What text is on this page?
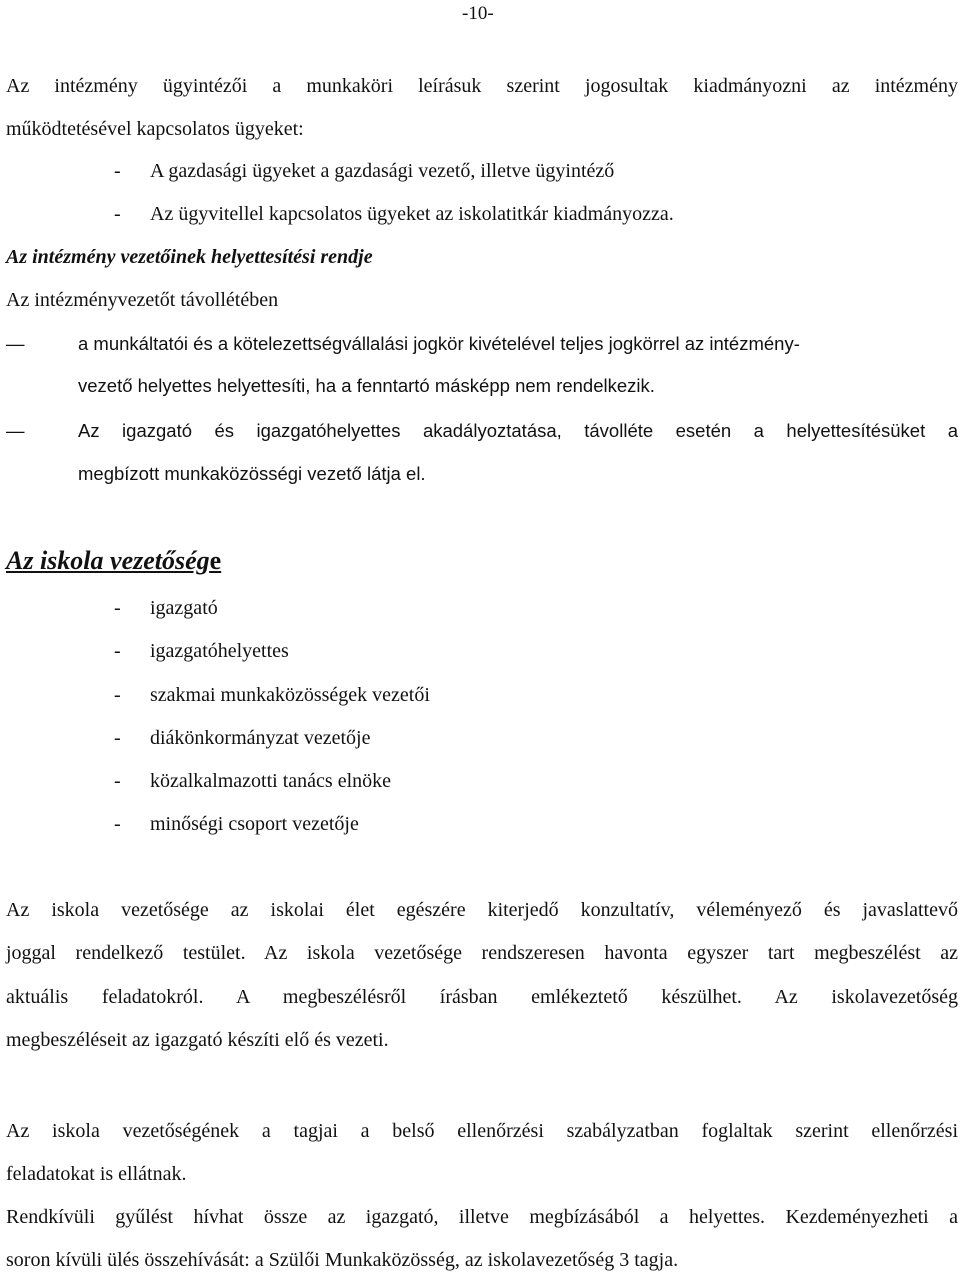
-10-
Az intézmény ügyintézői a munkaköri leírásuk szerint jogosultak kiadmányozni az intézmény
működtetésével kapcsolatos ügyeket:
- A gazdasági ügyeket a gazdasági vezető, illetve ügyintéző
- Az ügyvitellel kapcsolatos ügyeket az iskolatitkár kiadmányozza.
Az intézmény vezetőinek helyettesítési rendje
Az intézményvezetőt távollétében
—	a munkáltatói és a kötelezettségvállalási jogkör kivételével teljes jogkörrel az intézmény-
vezető helyettes helyettesíti, ha a fenntartó másképp nem rendelkezik.
—	Az igazgató és igazgatóhelyettes akadályoztatása, távolléte esetén a helyettesítésüket a
megbízott munkaközösségi vezető látja el.
Az iskola vezetősége
- igazgató
- igazgatóhelyettes
- szakmai munkaközösségek vezetői
- diákönkormányzat vezetője
- közalkalmazotti tanács elnöke
- minőségi csoport vezetője
Az iskola vezetősége az iskolai élet egészére kiterjedő konzultatív, véleményező és javaslattevő
joggal rendelkező testület. Az iskola vezetősége rendszeresen havonta egyszer tart megbeszélést az
aktuális feladatokról. A megbeszélésről írásban emlékeztető készülhet. Az iskolavezetőség
megbeszéléseit az igazgató készíti elő és vezeti.
Az iskola vezetőségének a tagjai a belső ellenőrzési szabályzatban foglaltak szerint ellenőrzési
feladatokat is ellátnak.
Rendkívüli gyűlést hívhat össze az igazgató, illetve megbízásából a helyettes. Kezdeményezheti a
soron kívüli ülés összehívását: a Szülői Munkaközösség, az iskolavezetőség 3 tagja.
